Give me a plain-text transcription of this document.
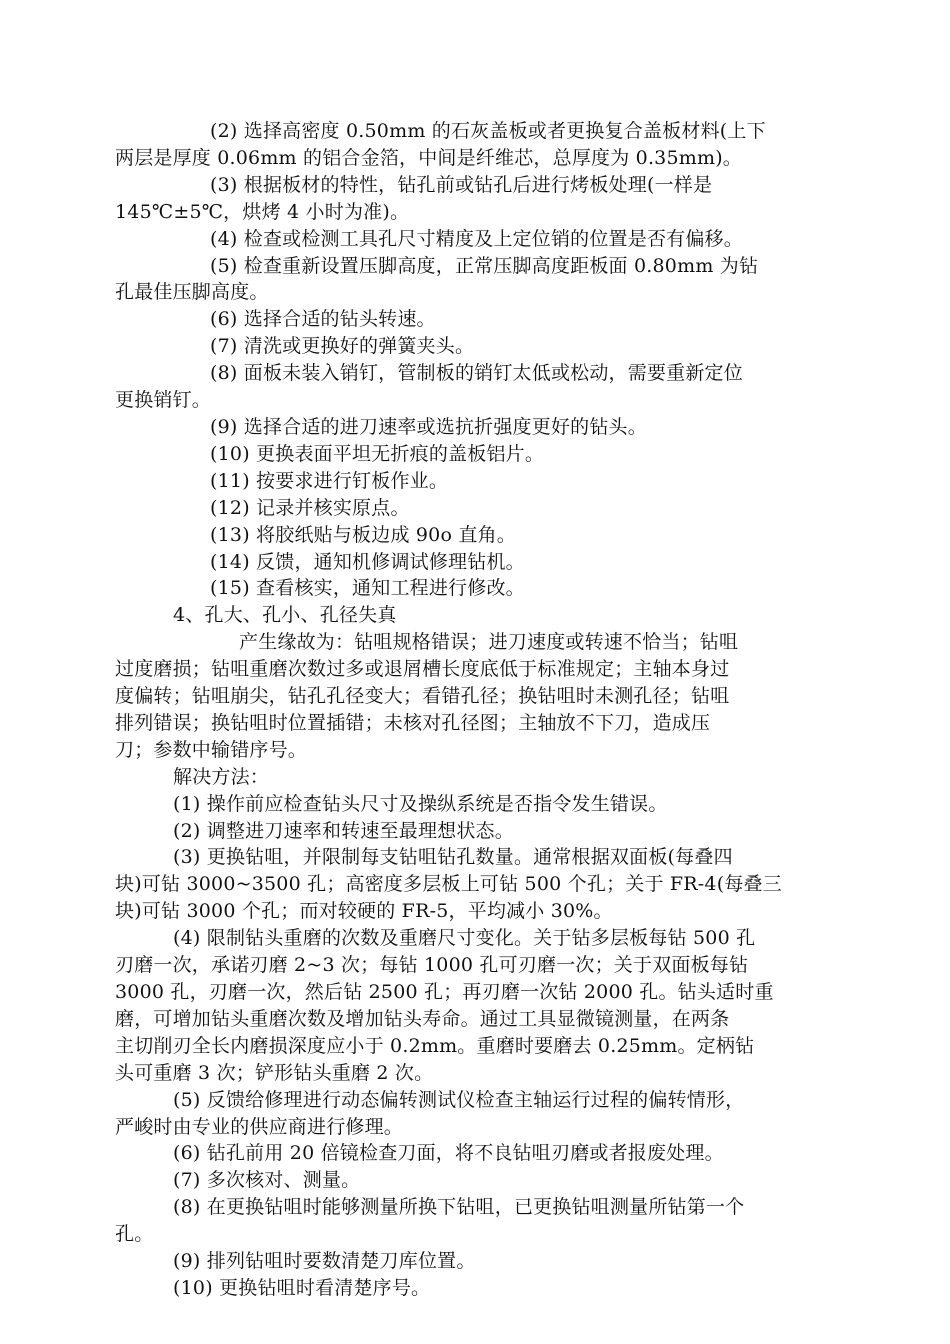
(2) 选择高密度 0.50mm 的石灰盖板或者更换复合盖板材料(上下

两层是厚度 0.06mm 的铝合金箔，中间是纤维芯，总厚度为 0.35mm)。

(3) 根据板材的特性，钻孔前或钻孔后进行烤板处理(一样是

145℃±5℃，烘烤 4 小时为准)。

(4) 检查或检测工具孔尺寸精度及上定位销的位置是否有偏移。

(5) 检查重新设置压脚高度，正常压脚高度距板面 0.80mm 为钻

孔最佳压脚高度。

(6) 选择合适的钻头转速。

(7) 清洗或更换好的弹簧夹头。

(8) 面板未装入销钉，管制板的销钉太低或松动，需要重新定位

更换销钉。

(9) 选择合适的进刀速率或选抗折强度更好的钻头。

(10) 更换表面平坦无折痕的盖板铝片。

(11) 按要求进行钉板作业。

(12) 记录并核实原点。

(13) 将胶纸贴与板边成 90o 直角。

(14) 反馈，通知机修调试修理钻机。

(15) 查看核实，通知工程进行修改。

4、孔大、孔小、孔径失真

产生缘故为：钻咀规格错误；进刀速度或转速不恰当；钻咀

过度磨损；钻咀重磨次数过多或退屑槽长度底低于标准规定；主轴本身过

度偏转；钻咀崩尖，钻孔孔径变大；看错孔径；换钻咀时未测孔径；钻咀

排列错误；换钻咀时位置插错；未核对孔径图；主轴放不下刀，造成压

刀；参数中输错序号。

解决方法：

(1) 操作前应检查钻头尺寸及操纵系统是否指令发生错误。

(2) 调整进刀速率和转速至最理想状态。

(3) 更换钻咀，并限制每支钻咀钻孔数量。通常根据双面板(每叠四

块)可钻 3000~3500 孔；高密度多层板上可钻 500 个孔；关于 FR-4(每叠三

块)可钻 3000 个孔；而对较硬的 FR-5，平均减小 30%。

(4) 限制钻头重磨的次数及重磨尺寸变化。关于钻多层板每钻 500 孔

刃磨一次，承诺刃磨 2~3 次；每钻 1000 孔可刃磨一次；关于双面板每钻

3000 孔，刃磨一次，然后钻 2500 孔；再刃磨一次钻 2000 孔。钻头适时重

磨，可增加钻头重磨次数及增加钻头寿命。通过工具显微镜测量，在两条

主切削刃全长内磨损深度应小于 0.2mm。重磨时要磨去 0.25mm。定柄钻

头可重磨 3 次；铲形钻头重磨 2 次。

(5) 反馈给修理进行动态偏转测试仪检查主轴运行过程的偏转情形，

严峻时由专业的供应商进行修理。

(6) 钻孔前用 20 倍镜检查刀面，将不良钻咀刃磨或者报废处理。

(7) 多次核对、测量。

(8) 在更换钻咀时能够测量所换下钻咀，已更换钻咀测量所钻第一个

孔。

(9) 排列钻咀时要数清楚刀库位置。

(10) 更换钻咀时看清楚序号。
